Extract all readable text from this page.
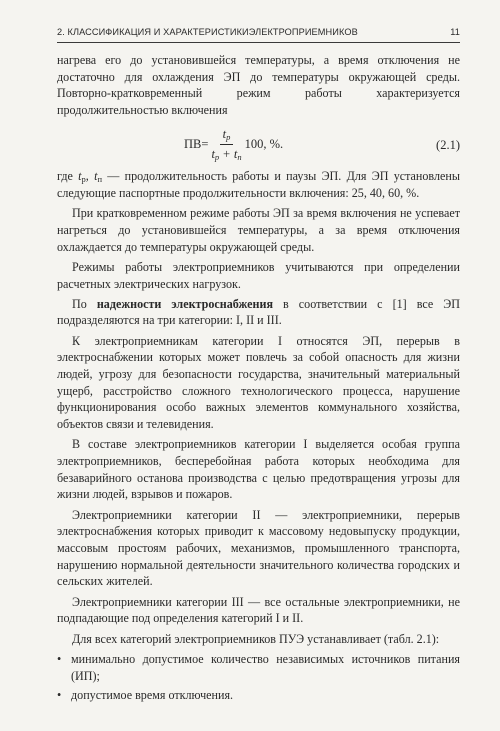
2. КЛАССИФИКАЦИЯ И ХАРАКТЕРИСТИКИЭЛЕКТРОПРИЕМНИКОВ	11

нагрева его до установившейся температуры, а время отключения не достаточно для охлаждения ЭП до температуры окружающей среды. Повторно-кратковременный режим работы характеризуется продолжительностью включения

ПВ = $\frac{t_р}{t_р + t_п} 100$, %.	(2.1)

где $t_р$, $t_п$ — продолжительность работы и паузы ЭП. Для ЭП установлены следующие паспортные продолжительности включения: 25, 40, 60, %.

При кратковременном режиме работы ЭП за время включения не успевает нагреться до установившейся температуры, а за время отключения охлаждается до температуры окружающей среды.

Режимы работы электроприемников учитываются при определении расчетных электрических нагрузок.

По надежности электроснабжения в соответствии с [1] все ЭП подразделяются на три категории: I, II и III.

К электроприемникам категории I относятся ЭП, перерыв в электроснабжении которых может повлечь за собой опасность для жизни людей, угрозу для безопасности государства, значительный материальный ущерб, расстройство сложного технологического процесса, нарушение функционирования особо важных элементов коммунального хозяйства, объектов связи и телевидения.

В составе электроприемников категории I выделяется особая группа электроприемников, бесперебойная работа которых необходима для безаварийного останова производства с целью предотвращения угрозы для жизни людей, взрывов и пожаров.

Электроприемники категории II — электроприемники, перерыв электроснабжения которых приводит к массовому недовыпуску продукции, массовым простоям рабочих, механизмов, промышленного транспорта, нарушению нормальной деятельности значительного количества городских и сельских жителей.

Электроприемники категории III — все остальные электроприемники, не подпадающие под определения категорий I и II.

Для всех категорий электроприемников ПУЭ устанавливает (табл. 2.1):

• минимально допустимое количество независимых источников питания (ИП);
• допустимое время отключения.
